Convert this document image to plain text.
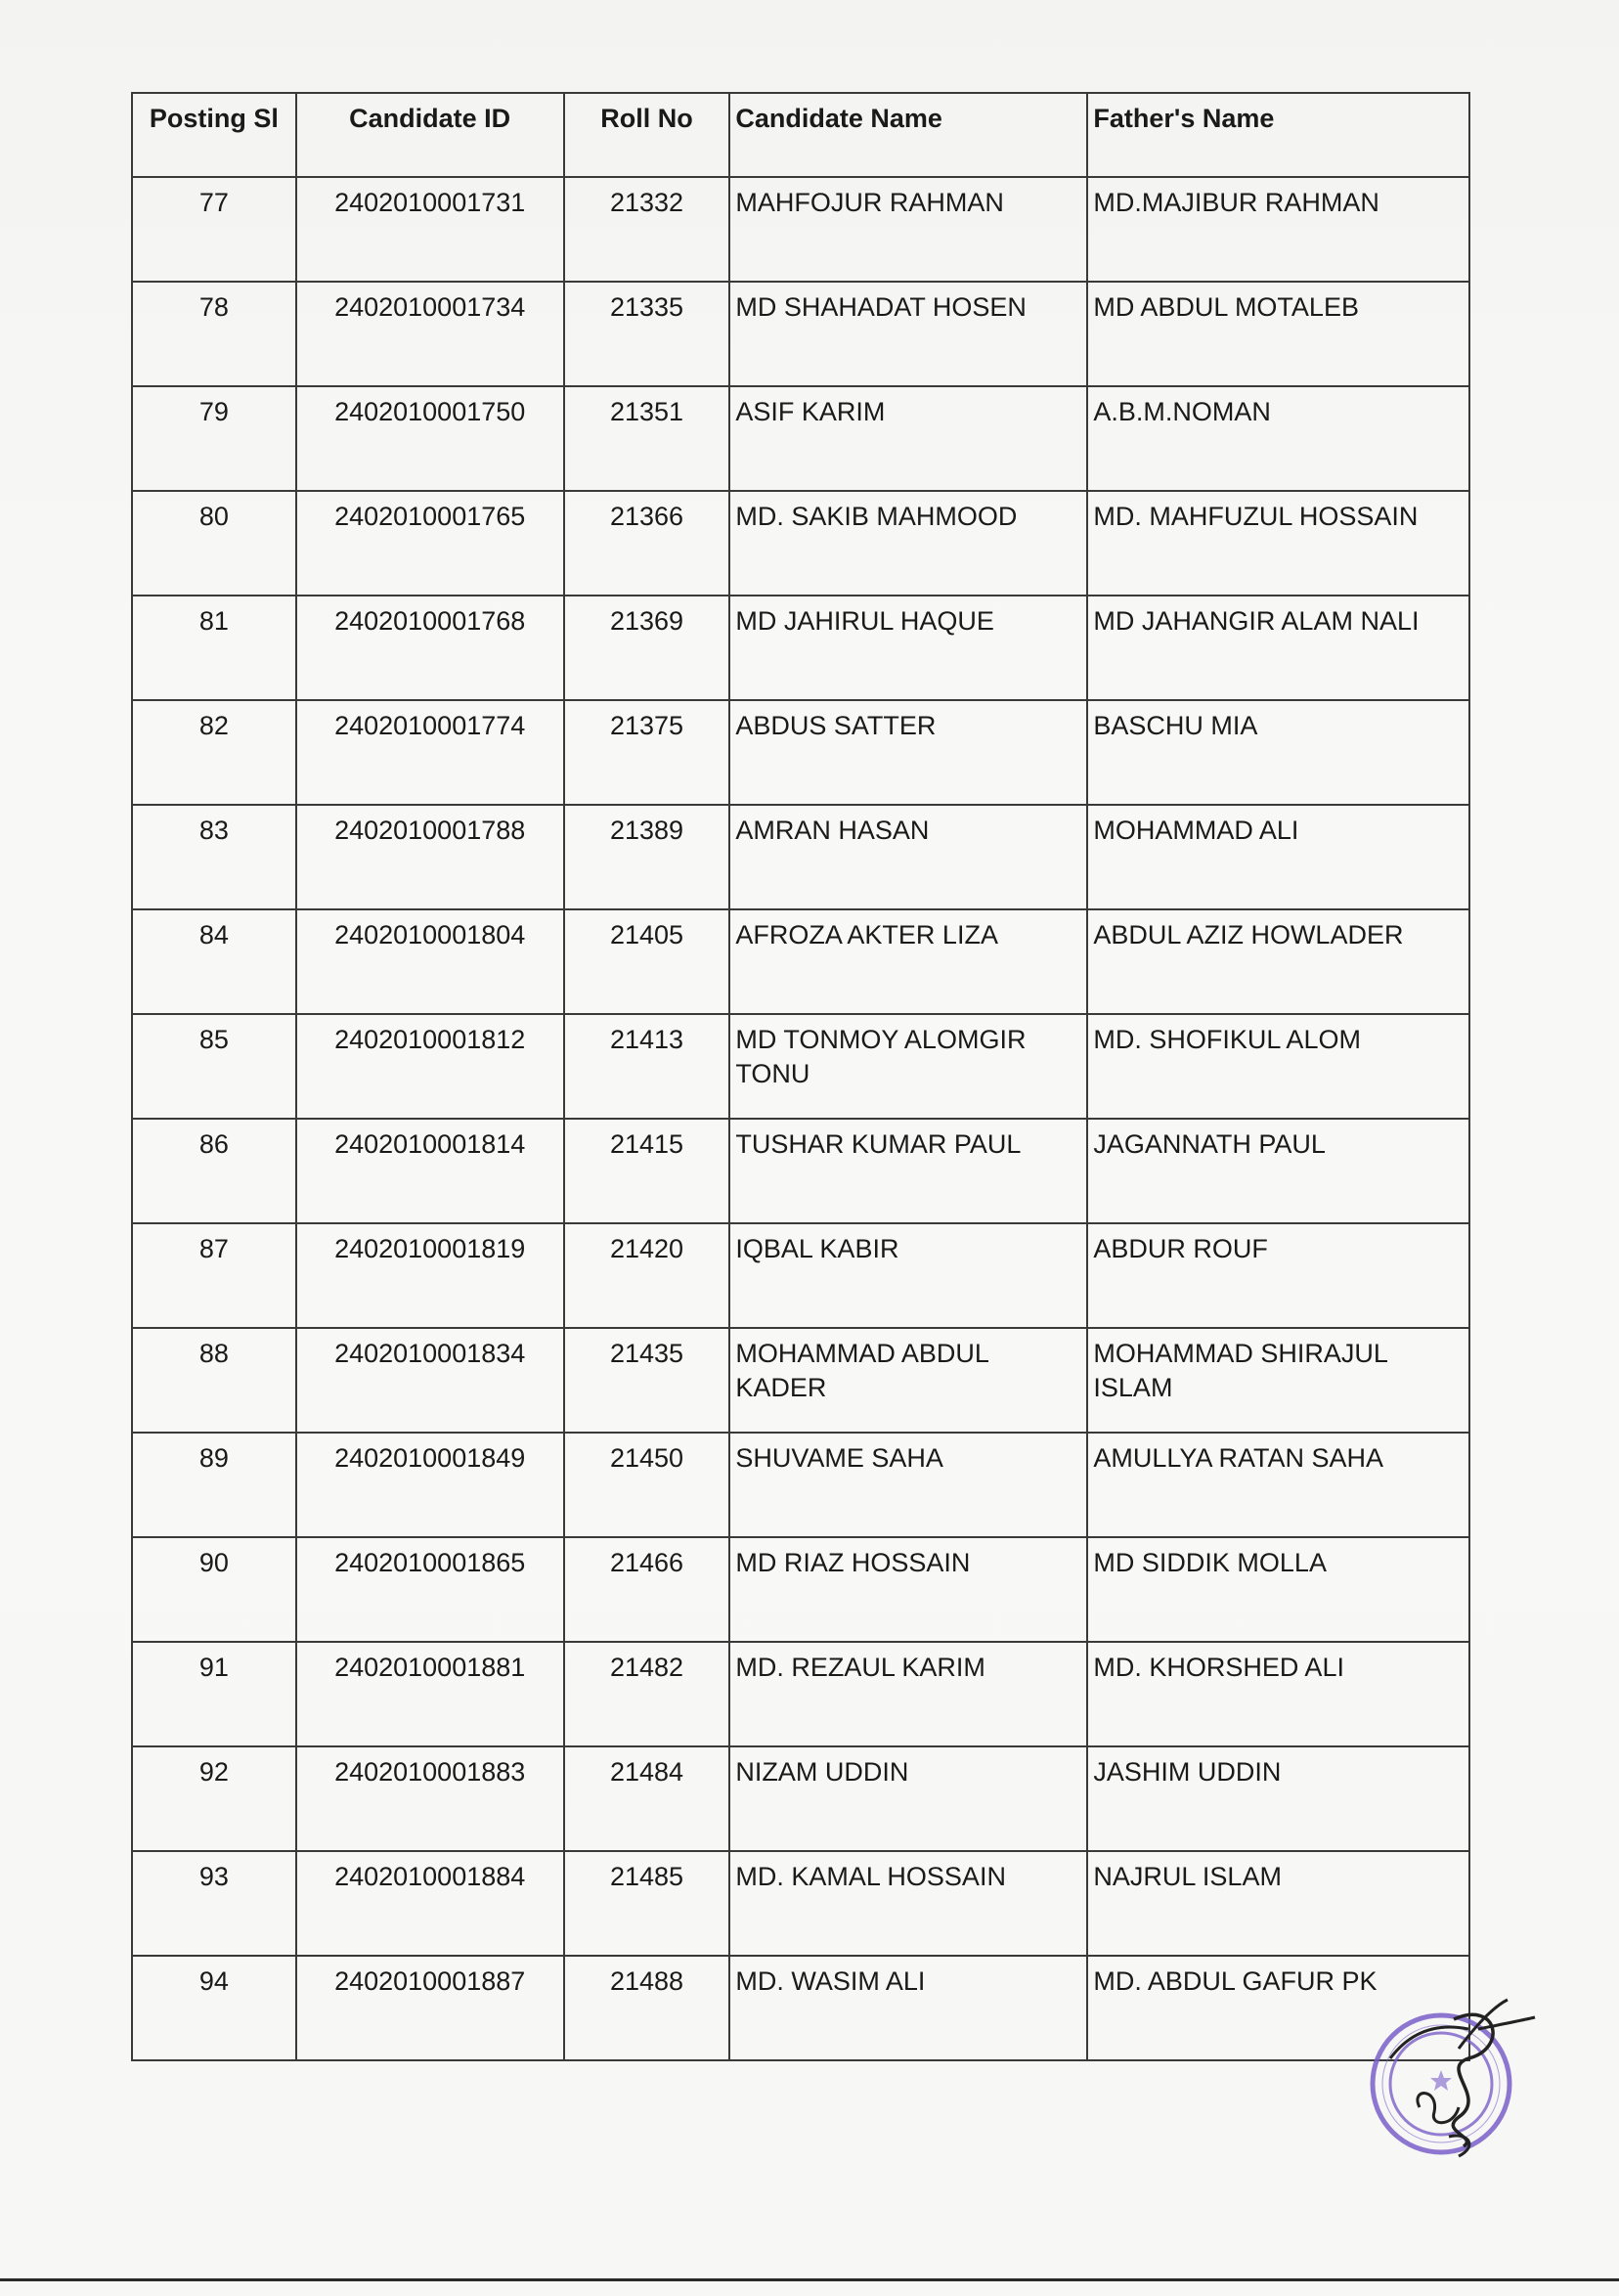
Posting Sl	Candidate ID	Roll No	Candidate Name	Father's Name
77	2402010001731	21332	MAHFOJUR RAHMAN	MD.MAJIBUR RAHMAN
78	2402010001734	21335	MD SHAHADAT HOSEN	MD ABDUL MOTALEB
79	2402010001750	21351	ASIF KARIM	A.B.M.NOMAN
80	2402010001765	21366	MD. SAKIB MAHMOOD	MD. MAHFUZUL HOSSAIN
81	2402010001768	21369	MD JAHIRUL HAQUE	MD JAHANGIR ALAM NALI
82	2402010001774	21375	ABDUS SATTER	BASCHU MIA
83	2402010001788	21389	AMRAN HASAN	MOHAMMAD ALI
84	2402010001804	21405	AFROZA AKTER LIZA	ABDUL AZIZ HOWLADER
85	2402010001812	21413	MD TONMOY ALOMGIR TONU	MD. SHOFIKUL ALOM
86	2402010001814	21415	TUSHAR KUMAR PAUL	JAGANNATH PAUL
87	2402010001819	21420	IQBAL KABIR	ABDUR ROUF
88	2402010001834	21435	MOHAMMAD ABDUL KADER	MOHAMMAD SHIRAJUL ISLAM
89	2402010001849	21450	SHUVAME SAHA	AMULLYA RATAN SAHA
90	2402010001865	21466	MD RIAZ HOSSAIN	MD SIDDIK MOLLA
91	2402010001881	21482	MD. REZAUL KARIM	MD. KHORSHED ALI
92	2402010001883	21484	NIZAM UDDIN	JASHIM UDDIN
93	2402010001884	21485	MD. KAMAL HOSSAIN	NAJRUL ISLAM
94	2402010001887	21488	MD. WASIM ALI	MD. ABDUL GAFUR PK
